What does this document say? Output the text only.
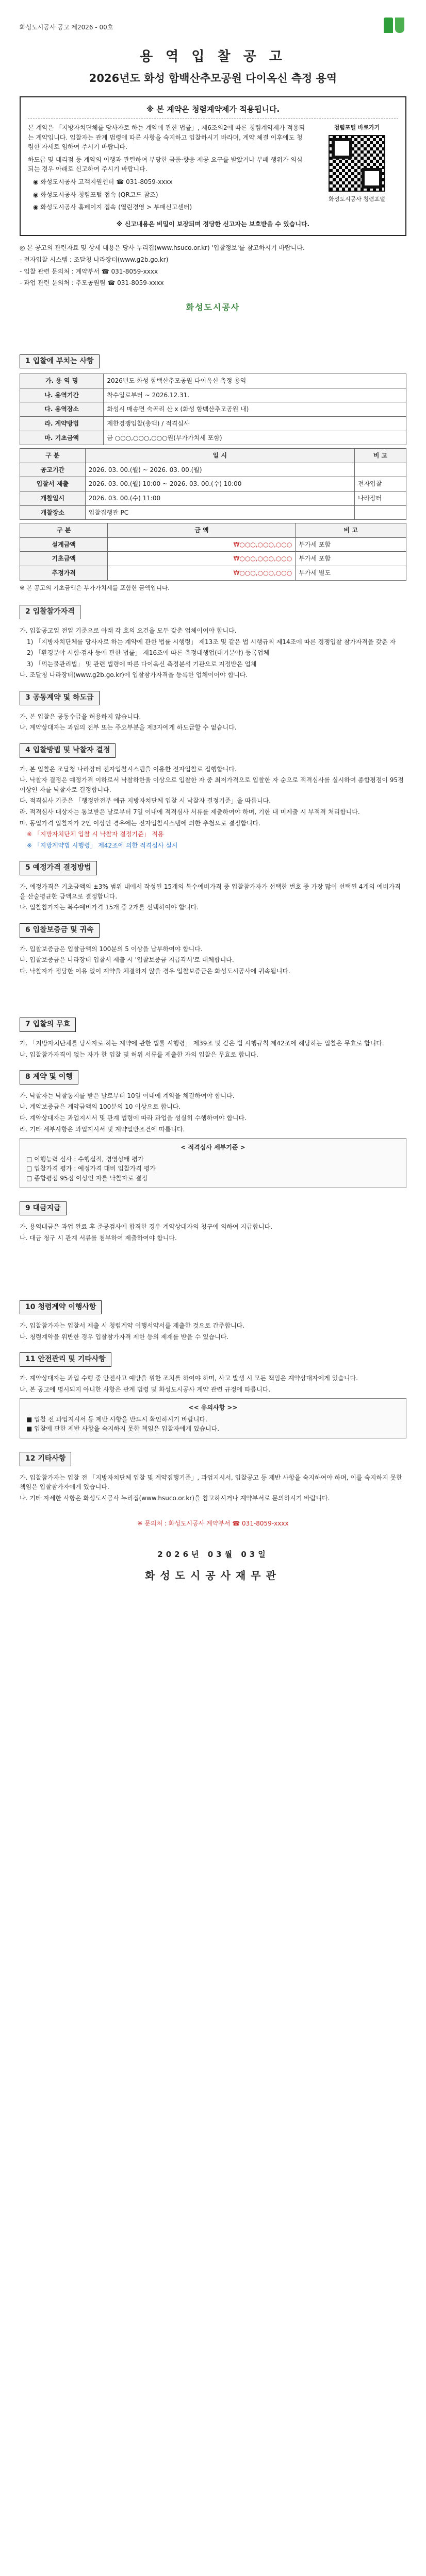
화성도시공사 공고 제2026 - 00호
용 역 입 찰 공 고
2026년도 화성 함백산추모공원 다이옥신 측정 용역
※ 본 계약은 청렴계약제가 적용됩니다.

본 계약은 「지방자치단체를 당사자로 하는 계약에 관한 법률」, 제6조의2에 따른 청렴계약제가 적용되는 계약입니다. 입찰자는 관계 법령에 따른 사항을 숙지하고 입찰하시기 바라며, 계약 체결 이후에도 청렴한 자세로 임하여 주시기 바랍니다.

하도급 및 대리점 등 계약의 이행과 관련하여 부당한 금품·향응 제공 요구를 받았거나 부패 행위가 의심되는 경우 아래로 신고하여 주시기 바랍니다.

◉ 화성도시공사 고객지원센터 ☎ 031-8059-xxxx

◉ 화성도시공사 청렴포털 접속 (QR코드 참조)

◉ 화성도시공사 홈페이지 접속 (열린경영 > 부패신고센터)

청렴포털 바로가기
화성도시공사 청렴포털
※ 신고내용은 비밀이 보장되며 정당한 신고자는 보호받을 수 있습니다.

◎ 본 공고의 관련자료 및 상세 내용은 당사 누리집(www.hsuco.or.kr) '입찰정보'를 참고하시기 바랍니다.

- 전자입찰 시스템 : 조달청 나라장터(www.g2b.go.kr)

- 입찰 관련 문의처 : 계약부서 ☎ 031-8059-xxxx

- 과업 관련 문의처 : 추모공원팀 ☎ 031-8059-xxxx

화성도시공사
1 입찰에 부치는 사항
가. 용 역 명	2026년도 화성 함백산추모공원 다이옥신 측정 용역
나. 용역기간	착수일로부터 ~ 2026.12.31.
다. 용역장소	화성시 매송면 숙곡리 산 x (화성 함백산추모공원 내)
라. 계약방법	제한경쟁입찰(총액) / 적격심사
마. 기초금액	금 ○○○,○○○,○○○원(부가가치세 포함)
구 분	일 시	비 고
공고기간	2026. 03. 00.(월) ~ 2026. 03. 00.(월)	
입찰서 제출	2026. 03. 00.(월) 10:00 ~ 2026. 03. 00.(수) 10:00	전자입찰
개찰일시	2026. 03. 00.(수) 11:00	나라장터
개찰장소	입찰집행관 PC	
구 분	금 액	비 고
설계금액	₩○○○,○○○,○○○	부가세 포함
기초금액	₩○○○,○○○,○○○	부가세 포함
추정가격	₩○○○,○○○,○○○	부가세 별도
※ 본 공고의 기초금액은 부가가치세를 포함한 금액입니다.
2 입찰참가자격

가. 입찰공고일 전일 기준으로 아래 각 호의 요건을 모두 갖춘 업체이어야 합니다.

1) 「지방자치단체를 당사자로 하는 계약에 관한 법률 시행령」 제13조 및 같은 법 시행규칙 제14조에 따른 경쟁입찰 참가자격을 갖춘 자

2) 「환경분야 시험·검사 등에 관한 법률」 제16조에 따른 측정대행업(대기분야) 등록업체

3) 「먹는물관리법」 및 관련 법령에 따른 다이옥신 측정분석 기관으로 지정받은 업체

나. 조달청 나라장터(www.g2b.go.kr)에 입찰참가자격을 등록한 업체이어야 합니다.

3 공동계약 및 하도급

가. 본 입찰은 공동수급을 허용하지 않습니다.

나. 계약상대자는 과업의 전부 또는 주요부분을 제3자에게 하도급할 수 없습니다.

4 입찰방법 및 낙찰자 결정

가. 본 입찰은 조달청 나라장터 전자입찰시스템을 이용한 전자입찰로 집행합니다.

나. 낙찰자 결정은 예정가격 이하로서 낙찰하한율 이상으로 입찰한 자 중 최저가격으로 입찰한 자 순으로 적격심사를 실시하여 종합평점이 95점 이상인 자를 낙찰자로 결정합니다.

다. 적격심사 기준은 「행정안전부 예규 지방자치단체 입찰 시 낙찰자 결정기준」을 따릅니다.

라. 적격심사 대상자는 통보받은 날로부터 7일 이내에 적격심사 서류를 제출하여야 하며, 기한 내 미제출 시 부적격 처리합니다.

마. 동일가격 입찰자가 2인 이상인 경우에는 전자입찰시스템에 의한 추첨으로 결정합니다.

※ 「지방자치단체 입찰 시 낙찰자 결정기준」 적용

※ 「지방계약법 시행령」 제42조에 의한 적격심사 실시

5 예정가격 결정방법

가. 예정가격은 기초금액의 ±3% 범위 내에서 작성된 15개의 복수예비가격 중 입찰참가자가 선택한 번호 중 가장 많이 선택된 4개의 예비가격을 산술평균한 금액으로 결정합니다.

나. 입찰참가자는 복수예비가격 15개 중 2개를 선택하여야 합니다.

6 입찰보증금 및 귀속

가. 입찰보증금은 입찰금액의 100분의 5 이상을 납부하여야 합니다.

나. 입찰보증금은 나라장터 입찰서 제출 시 '입찰보증금 지급각서'로 대체합니다.

다. 낙찰자가 정당한 이유 없이 계약을 체결하지 않을 경우 입찰보증금은 화성도시공사에 귀속됩니다.

7 입찰의 무효

가. 「지방자치단체를 당사자로 하는 계약에 관한 법률 시행령」 제39조 및 같은 법 시행규칙 제42조에 해당하는 입찰은 무효로 합니다.

나. 입찰참가자격이 없는 자가 한 입찰 및 허위 서류를 제출한 자의 입찰은 무효로 합니다.

8 계약 및 이행

가. 낙찰자는 낙찰통지를 받은 날로부터 10일 이내에 계약을 체결하여야 합니다.

나. 계약보증금은 계약금액의 100분의 10 이상으로 합니다.

다. 계약상대자는 과업지시서 및 관계 법령에 따라 과업을 성실히 수행하여야 합니다.

라. 기타 세부사항은 과업지시서 및 계약일반조건에 따릅니다.

< 적격심사 세부기준 >

□ 이행능력 심사 : 수행실적, 경영상태 평가

□ 입찰가격 평가 : 예정가격 대비 입찰가격 평가

□ 종합평점 95점 이상인 자를 낙찰자로 결정

9 대금지급

가. 용역대금은 과업 완료 후 준공검사에 합격한 경우 계약상대자의 청구에 의하여 지급합니다.

나. 대금 청구 시 관계 서류를 첨부하여 제출하여야 합니다.

10 청렴계약 이행사항

가. 입찰참가자는 입찰서 제출 시 청렴계약 이행서약서를 제출한 것으로 간주합니다.

나. 청렴계약을 위반한 경우 입찰참가자격 제한 등의 제재를 받을 수 있습니다.

11 안전관리 및 기타사항

가. 계약상대자는 과업 수행 중 안전사고 예방을 위한 조치를 하여야 하며, 사고 발생 시 모든 책임은 계약상대자에게 있습니다.

나. 본 공고에 명시되지 아니한 사항은 관계 법령 및 화성도시공사 계약 관련 규정에 따릅니다.

<< 유의사항 >>

■ 입찰 전 과업지시서 등 제반 사항을 반드시 확인하시기 바랍니다.

■ 입찰에 관한 제반 사항을 숙지하지 못한 책임은 입찰자에게 있습니다.

12 기타사항

가. 입찰참가자는 입찰 전 「지방자치단체 입찰 및 계약집행기준」, 과업지시서, 입찰공고 등 제반 사항을 숙지하여야 하며, 이를 숙지하지 못한 책임은 입찰참가자에게 있습니다.

나. 기타 자세한 사항은 화성도시공사 누리집(www.hsuco.or.kr)을 참고하시거나 계약부서로 문의하시기 바랍니다.

※ 문의처 : 화성도시공사 계약부서 ☎ 031-8059-xxxx
2026년 03월 03일
화성도시공사재무관
